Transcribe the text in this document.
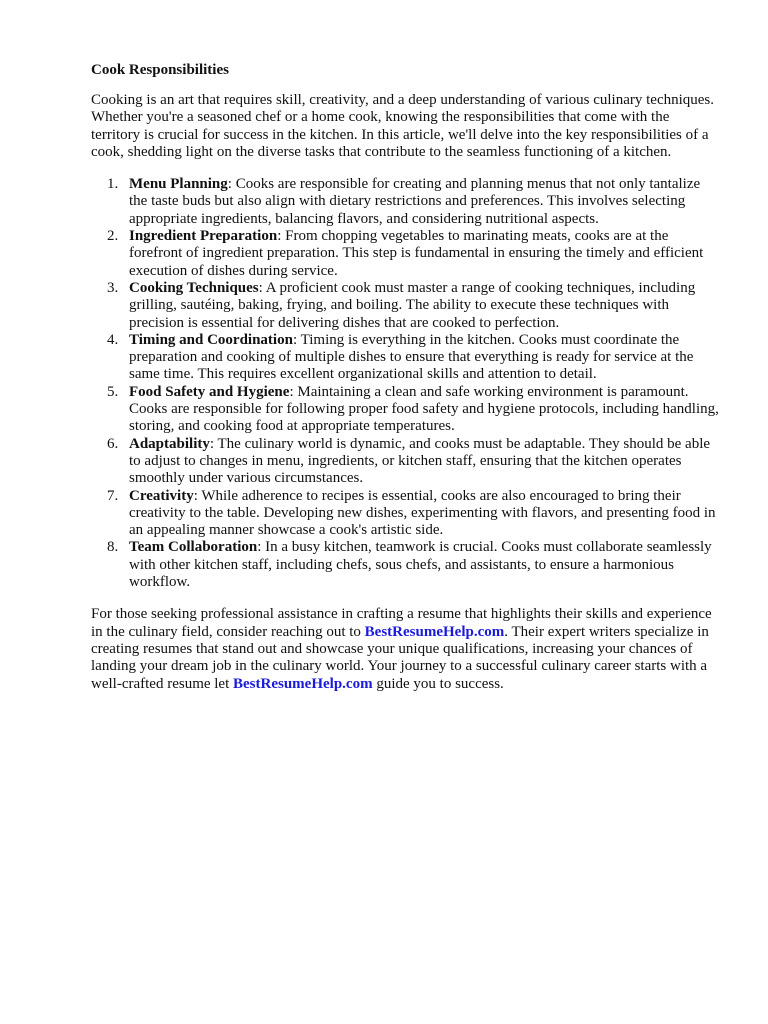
Cook Responsibilities

Cooking is an art that requires skill, creativity, and a deep understanding of various culinary techniques. Whether you're a seasoned chef or a home cook, knowing the responsibilities that come with the territory is crucial for success in the kitchen. In this article, we'll delve into the key responsibilities of a cook, shedding light on the diverse tasks that contribute to the seamless functioning of a kitchen.

1. Menu Planning: Cooks are responsible for creating and planning menus that not only tantalize the taste buds but also align with dietary restrictions and preferences. This involves selecting appropriate ingredients, balancing flavors, and considering nutritional aspects.
2. Ingredient Preparation: From chopping vegetables to marinating meats, cooks are at the forefront of ingredient preparation. This step is fundamental in ensuring the timely and efficient execution of dishes during service.
3. Cooking Techniques: A proficient cook must master a range of cooking techniques, including grilling, sautéing, baking, frying, and boiling. The ability to execute these techniques with precision is essential for delivering dishes that are cooked to perfection.
4. Timing and Coordination: Timing is everything in the kitchen. Cooks must coordinate the preparation and cooking of multiple dishes to ensure that everything is ready for service at the same time. This requires excellent organizational skills and attention to detail.
5. Food Safety and Hygiene: Maintaining a clean and safe working environment is paramount. Cooks are responsible for following proper food safety and hygiene protocols, including handling, storing, and cooking food at appropriate temperatures.
6. Adaptability: The culinary world is dynamic, and cooks must be adaptable. They should be able to adjust to changes in menu, ingredients, or kitchen staff, ensuring that the kitchen operates smoothly under various circumstances.
7. Creativity: While adherence to recipes is essential, cooks are also encouraged to bring their creativity to the table. Developing new dishes, experimenting with flavors, and presenting food in an appealing manner showcase a cook's artistic side.
8. Team Collaboration: In a busy kitchen, teamwork is crucial. Cooks must collaborate seamlessly with other kitchen staff, including chefs, sous chefs, and assistants, to ensure a harmonious workflow.

For those seeking professional assistance in crafting a resume that highlights their skills and experience in the culinary field, consider reaching out to BestResumeHelp.com. Their expert writers specialize in creating resumes that stand out and showcase your unique qualifications, increasing your chances of landing your dream job in the culinary world. Your journey to a successful culinary career starts with a well-crafted resume let BestResumeHelp.com guide you to success.
